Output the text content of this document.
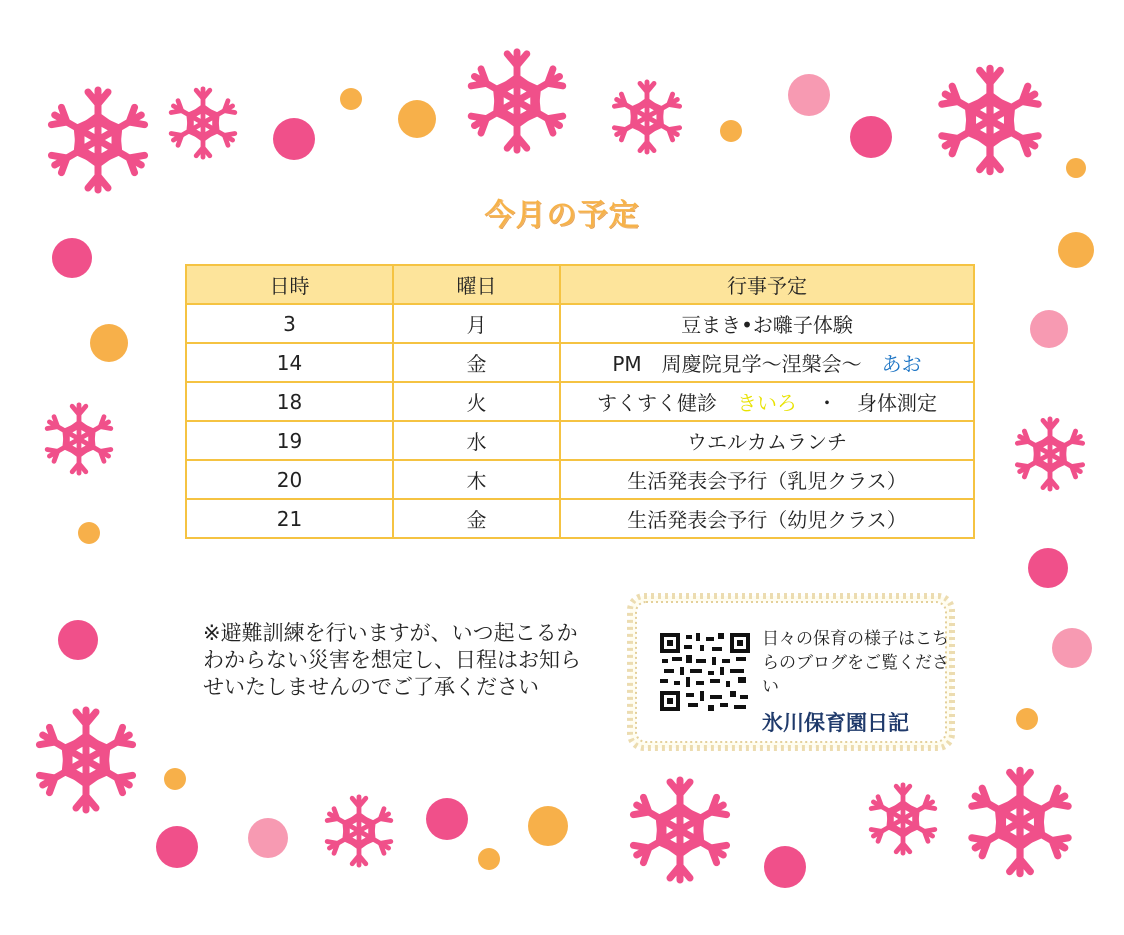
今月の予定
日時	曜日	行事予定
3	月	豆まき•お囃子体験
14	金	PM　周慶院見学～涅槃会～　あお
18	火	すくすく健診　きいろ　・　身体測定
19	水	ウエルカムランチ
20	木	生活発表会予行（乳児クラス）
21	金	生活発表会予行（幼児クラス）
※避難訓練を行いますが、いつ起こるかわからない災害を想定し、日程はお知らせいたしませんのでご了承ください
日々の保育の様子はこちらのブログをご覧ください
氷川保育園日記
